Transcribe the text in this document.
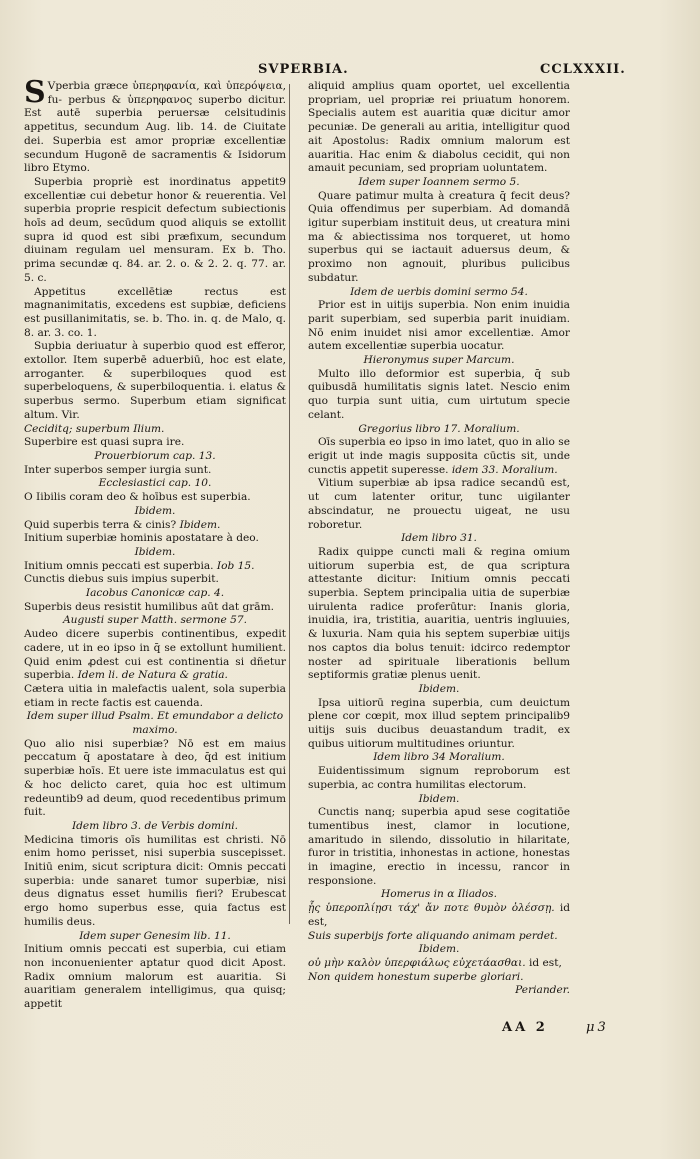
SVPERBIA.	CCLXXXII.

S Vperbia græce ὑπερηφανία, καὶ ὑπερόψεια, fu- perbus & ὑπερηφανος superbo dicitur. Est autē superbia peruersæ celsitudinis appetitus, secundum Aug. lib. 14. de Ciuitate dei. Superbia est amor propriæ excellentiæ secundum Hugonē de sacramentis & Isidorum libro Etymo.

Superbia propriè est inordinatus appetit9 excellentiæ cui debetur honor & reuerentia. Vel superbia proprie respicit defectum subiectionis hoīs ad deum, secūdum quod aliquis se extollit supra id quod est sibi præfixum, secundum diuinam regulam uel mensuram. Ex b. Tho. prima secundæ q. 84. ar. 2. o. & 2. 2. q. 77. ar. 5. c.

Appetitus excellētiæ rectus est magnanimitatis, excedens est supbiæ, deficiens est pusillanimitatis, se. b. Tho. in. q. de Malo, q. 8. ar. 3. co. 1.

Supbia deriuatur à superbio quod est efferor, extollor. Item superbē aduerbiū, hoc est elate, arroganter. & superbiloques quod est superbeloquens, & superbiloquentia. i. elatus & superbus sermo. Superbum etiam significat altum. Vir.

Ceciditq; superbum Ilium.

Superbire est quasi supra ire.

Prouerbiorum cap. 13.

Inter superbos semper iurgia sunt.

Ecclesiastici cap. 10.

O Iibilis coram deo & hoībus est superbia.

Ibidem.

Quid superbis terra & cinis? Ibidem.

Initium superbiæ hominis apostatare à deo.

Ibidem.

Initium omnis peccati est superbia. Iob 15.

Cunctis diebus suis impius superbit.

Iacobus Canonicæ cap. 4.

Superbis deus resistit humilibus aūt dat grām.

Augusti super Matth. sermone 57.

Audeo dicere superbis continentibus, expedit cadere, ut in eo ipso in q̄ se extollunt humilient. Quid enim ꝓdest cui est continentia si dñetur superbia. Idem li. de Natura & gratia.

Cætera uitia in malefactis ualent, sola superbia etiam in recte factis est cauenda.

Idem super illud Psalm. Et emundabor a delicto maximo.

Quo alio nisi superbiæ? Nō est em maius peccatum q̄ apostatare à deo, q̄d est initium superbiæ hoīs. Et uere iste immaculatus est qui & hoc delicto caret, quia hoc est ultimum redeuntib9 ad deum, quod recedentibus primum fuit.

Idem libro 3. de Verbis domini.

Medicina timoris oīs humilitas est christi. Nō enim homo perisset, nisi superbia suscepisset. Initiū enim, sicut scriptura dicit: Omnis peccati superbia: unde sanaret tumor superbiæ, nisi deus dignatus esset humilis fieri? Erubescat ergo homo superbus esse, quia factus est humilis deus.

Idem super Genesim lib. 11.

Initium omnis peccati est superbia, cui etiam non inconuenienter aptatur quod dicit Apost. Radix omnium malorum est auaritia. Si auaritiam generalem intelligimus, qua quisq; appetit

aliquid amplius quam oportet, uel excellentia propriam, uel propriæ rei priuatum honorem. Specialis autem est auaritia quæ dicitur amor pecuniæ. De generali au aritia, intelligitur quod ait Apostolus: Radix omnium malorum est auaritia. Hac enim & diabolus cecidit, qui non amauit pecuniam, sed propriam uoluntatem.

Idem super Ioannem sermo 5.

Quare patimur multa à creatura q̄ fecit deus? Quia offendimus per superbiam. Ad domandā igitur superbiam instituit deus, ut creatura mini ma & abiectissima nos torqueret, ut homo superbus qui se iactauit aduersus deum, & proximo non agnouit, pluribus pulicibus subdatur.

Idem de uerbis domini sermo 54.

Prior est in uitijs superbia. Non enim inuidia parit superbiam, sed superbia parit inuidiam. Nō enim inuidet nisi amor excellentiæ. Amor autem excellentiæ superbia uocatur.

Hieronymus super Marcum.

Multo illo deformior est superbia, q̄ sub quibusdā humilitatis signis latet. Nescio enim quo turpia sunt uitia, cum uirtutum specie celant.

Gregorius libro 17. Moralium.

Oīs superbia eo ipso in imo latet, quo in alio se erigit ut inde magis supposita cūctis sit, unde cunctis appetit superesse. idem 33. Moralium.

Vitium superbiæ ab ipsa radice secandū est, ut cum latenter oritur, tunc uigilanter abscindatur, ne prouectu uigeat, ne usu roboretur.

Idem libro 31.

Radix quippe cuncti mali & regina omium uitiorum superbia est, de qua scriptura attestante dicitur: Initium omnis peccati superbia. Septem principalia uitia de superbiæ uirulenta radice proferūtur: Inanis gloria, inuidia, ira, tristitia, auaritia, uentris ingluuies, & luxuria. Nam quia his septem superbiæ uitijs nos captos dia bolus tenuit: idcirco redemptor noster ad spirituale liberationis bellum septiformis gratiæ plenus uenit.

Ibidem.

Ipsa uitiorū regina superbia, cum deuictum plene cor cœpit, mox illud septem principalib9 uitijs suis ducibus deuastandum tradit, ex quibus uitiorum multitudines oriuntur.

Idem libro 34 Moralium.

Euidentissimum signum reproborum est superbia, ac contra humilitas electorum.

Ibidem.

Cunctis nanq; superbia apud sese cogitatiōe tumentibus inest, clamor in locutione, amaritudo in silendo, dissolutio in hilaritate, furor in tristitia, inhonestas in actione, honestas in imagine, erectio in incessu, rancor in responsione.

Homerus in α Iliados.

ᾗς ὑπεροπλίῃσι τάχ' ἄν ποτε θυμὸν ὀλέσσῃ. id est,

Suis superbijs forte aliquando animam perdet.

Ibidem.

οὐ μὴν καλὸν ὑπερφιάλως εὐχετάασθαι. id est,

Non quidem honestum superbe gloriari.

Periander.

AA 2	μ3
